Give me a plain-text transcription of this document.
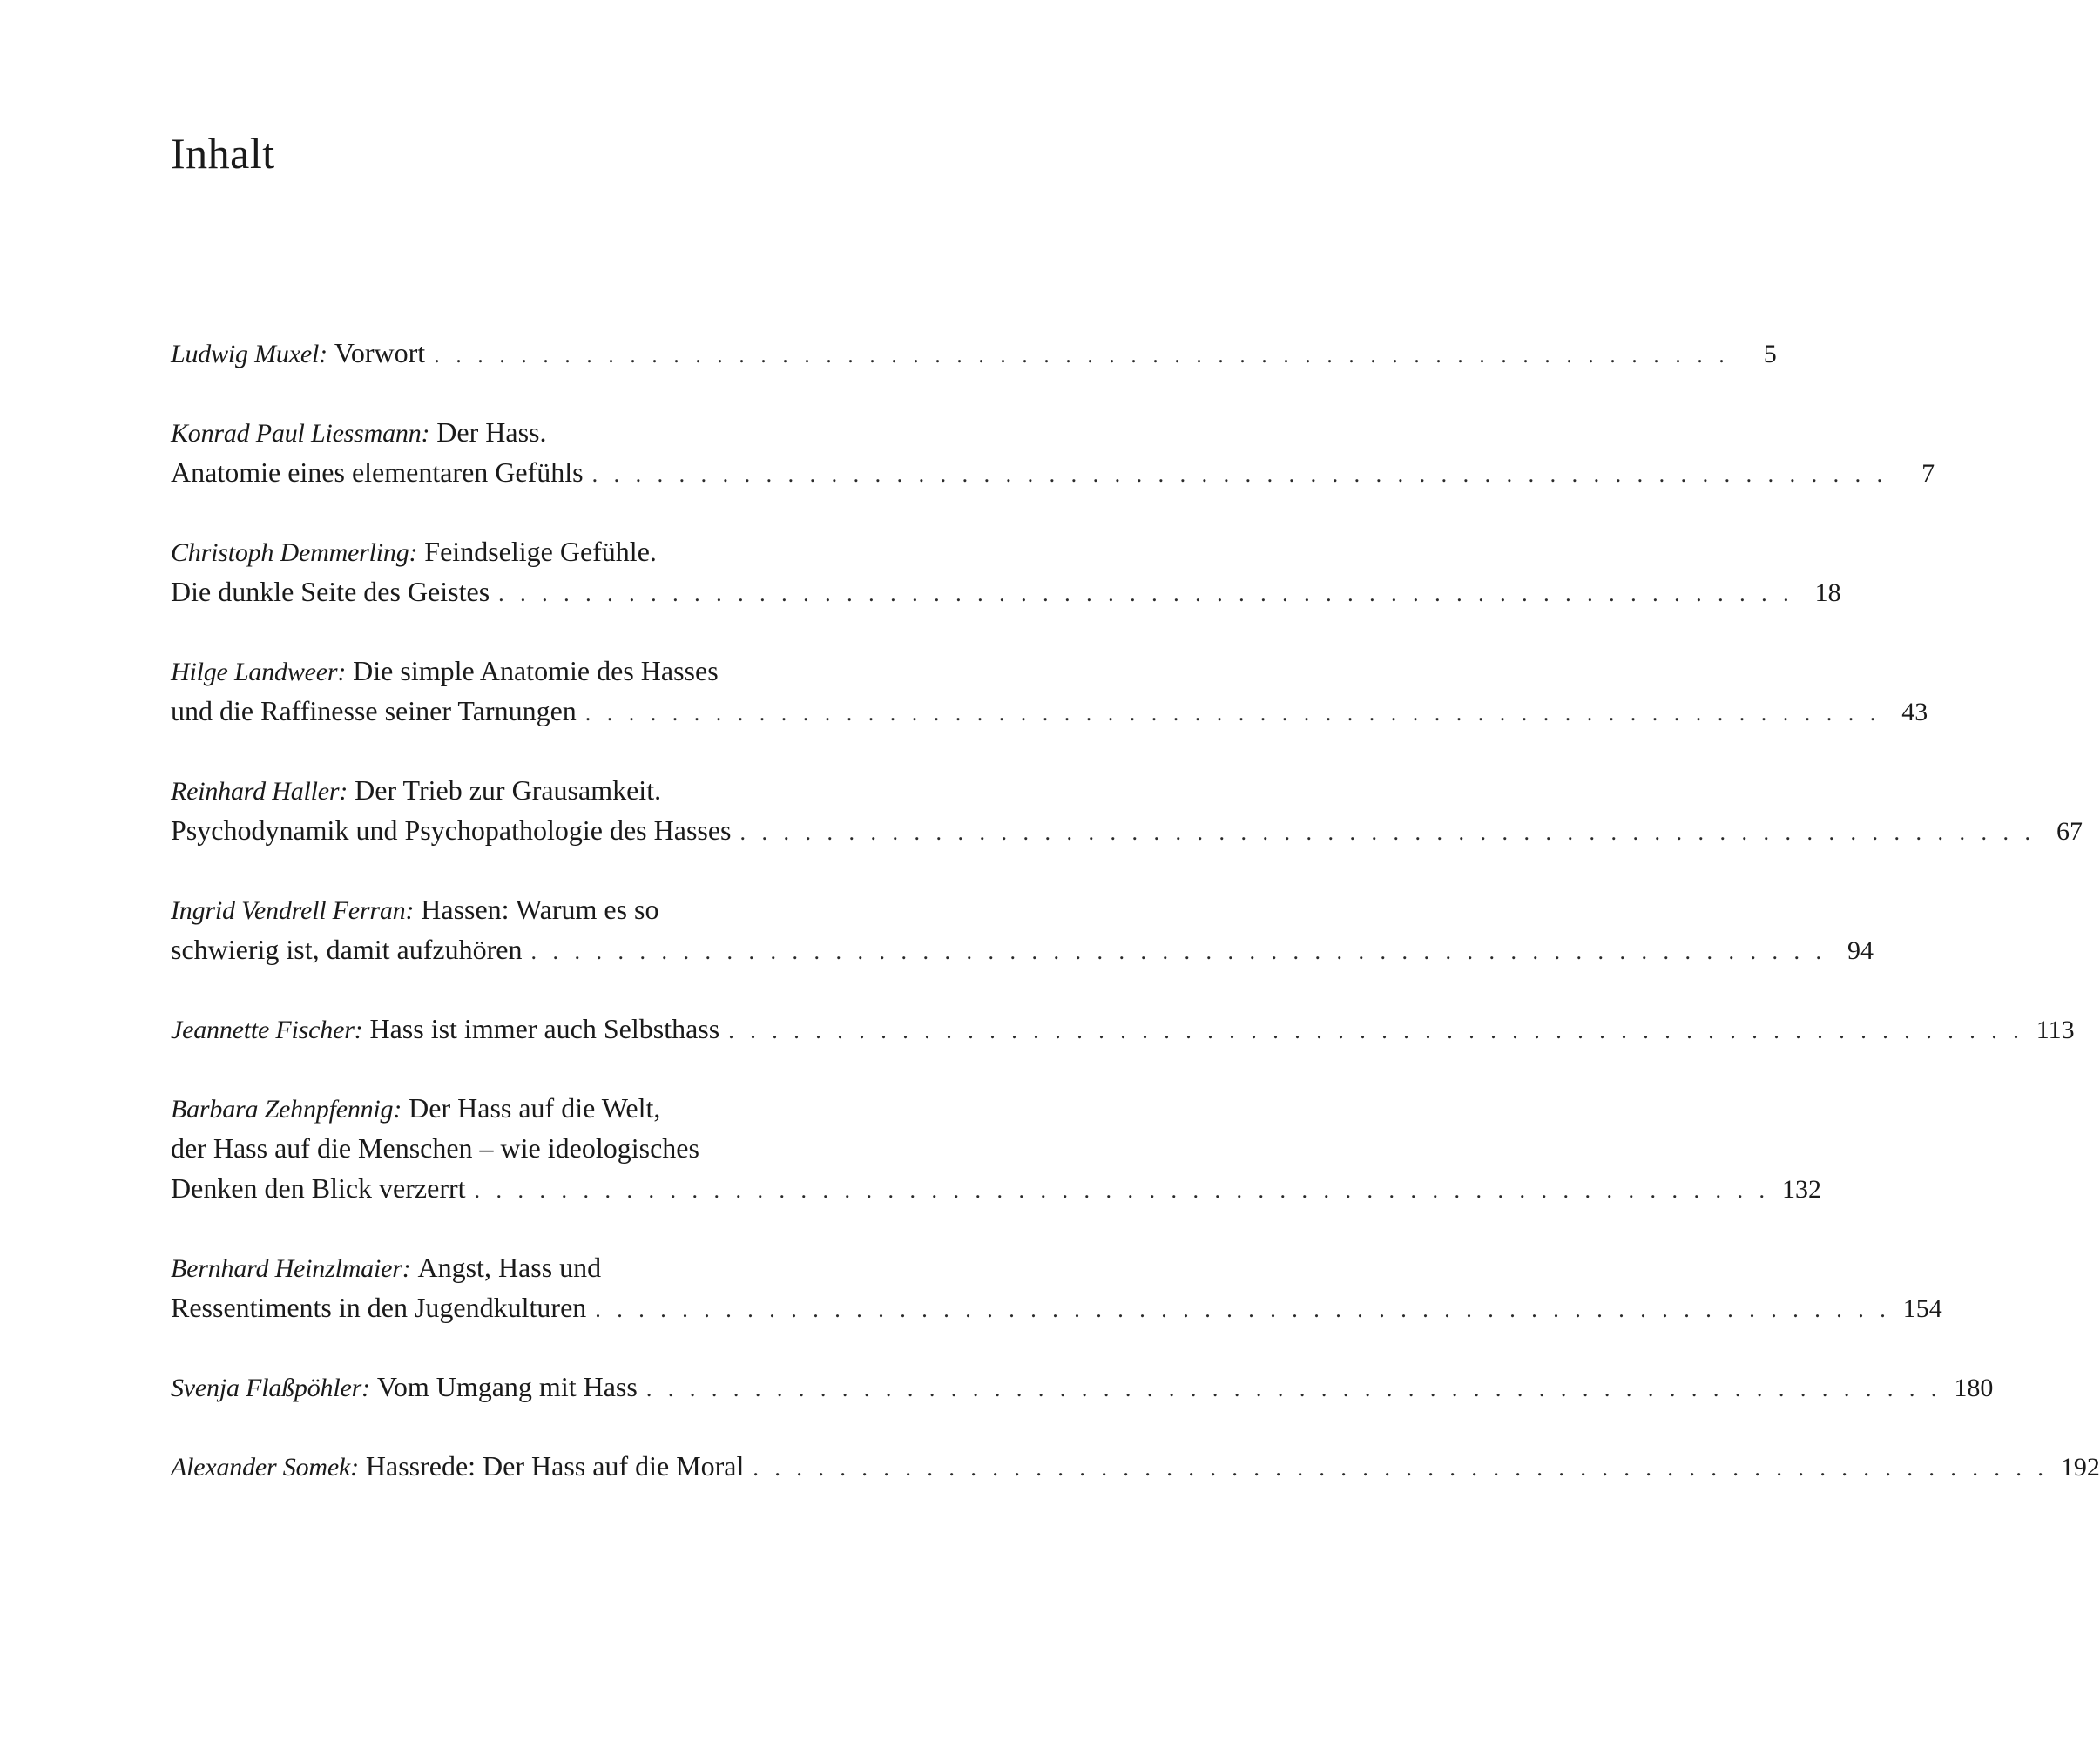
Inhalt
Ludwig Muxel:
Vorwort . . . . . . . . . . . . . . . . . . . . . . . . . . . . . . . . . . . . . . . . . . . . . . . . . . . . . . . . . . . .	5
Konrad Paul Liessmann:
Der Hass.
Anatomie eines elementaren Gefühls . . . . . . . . . . . . . . . . . . . . . . . . . . . . . . . . . . . . . . . . . . . . . . . . . . . . . . . . . . . .	7
Christoph Demmerling:
Feindselige Gefühle.
Die dunkle Seite des Geistes . . . . . . . . . . . . . . . . . . . . . . . . . . . . . . . . . . . . . . . . . . . . . . . . . . . . . . . . . . . . 18
Hilge Landweer:
Die simple Anatomie des Hasses
und die Raffinesse seiner Tarnungen . . . . . . . . . . . . . . . . . . . . . . . . . . . . . . . . . . . . . . . . . . . . . . . . . . . . . . . . . . . . 43
Reinhard Haller:
Der Trieb zur Grausamkeit.
Psychodynamik und Psychopathologie des Hasses . . . . . . . . . . . . . . . . . . . . . . . . . . . . . . . . . . . . . . . . . . . . . . . . . . . . . . . . . . . . 67
Ingrid Vendrell Ferran:
Hassen: Warum es so
schwierig ist, damit aufzuhören . . . . . . . . . . . . . . . . . . . . . . . . . . . . . . . . . . . . . . . . . . . . . . . . . . . . . . . . . . . . 94
Jeannette Fischer:
Hass ist immer auch Selbsthass . . . . . . . . . . . . . . . . . . . . . . . . . . . . . . . . . . . . . . . . . . . . . . . . . . . . . . . . . . . . 113
Barbara Zehnpfennig:
Der Hass auf die Welt,
der Hass auf die Menschen – wie ideologisches
Denken den Blick verzerrt . . . . . . . . . . . . . . . . . . . . . . . . . . . . . . . . . . . . . . . . . . . . . . . . . . . . . . . . . . . . 132
Bernhard Heinzlmaier:
Angst, Hass und
Ressentiments in den Jugendkulturen . . . . . . . . . . . . . . . . . . . . . . . . . . . . . . . . . . . . . . . . . . . . . . . . . . . . . . . . . . . . 154
Svenja Flaßpöhler:
Vom Umgang mit Hass . . . . . . . . . . . . . . . . . . . . . . . . . . . . . . . . . . . . . . . . . . . . . . . . . . . . . . . . . . . . 180
Alexander Somek:
Hassrede: Der Hass auf die Moral . . . . . . . . . . . . . . . . . . . . . . . . . . . . . . . . . . . . . . . . . . . . . . . . . . . . . . . . . . . . 192
